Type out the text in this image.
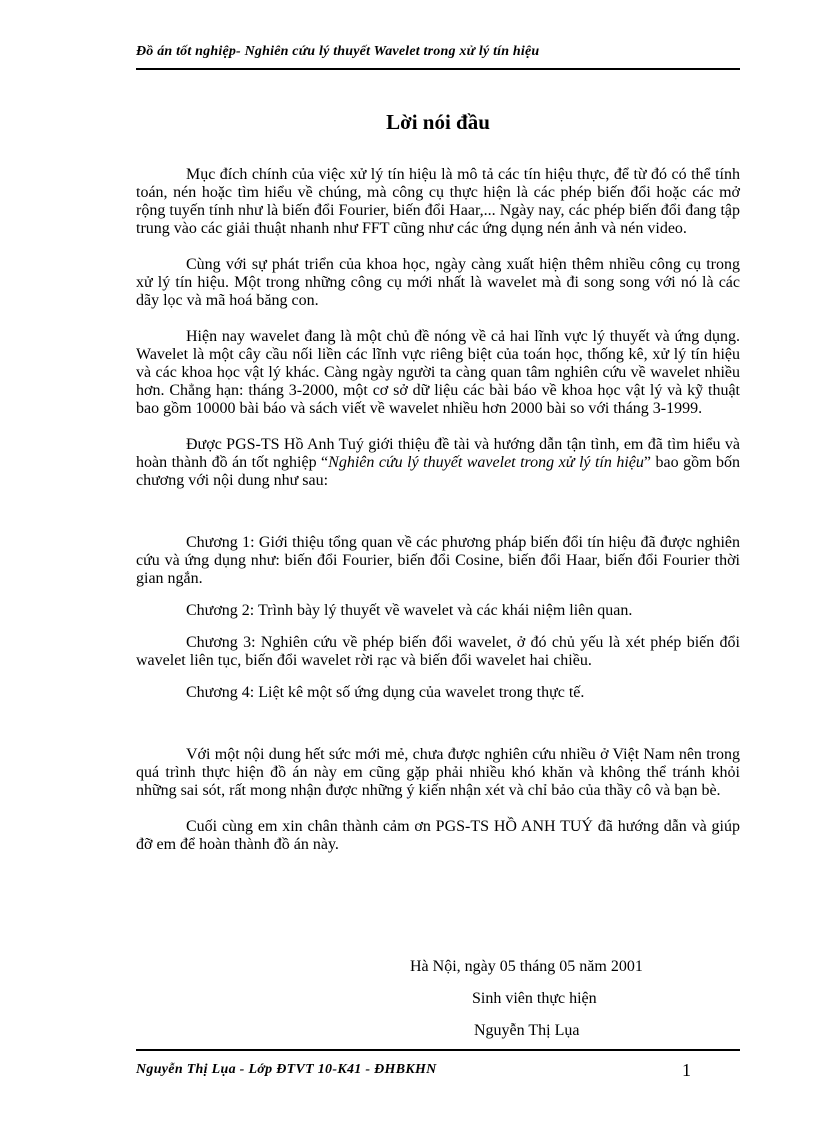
Đồ án tốt nghiệp- Nghiên cứu lý thuyết Wavelet trong xử lý tín hiệu
Lời nói đầu

Mục đích chính của việc xử lý tín hiệu là mô tả các tín hiệu thực, để từ đó có thể tính toán, nén hoặc tìm hiểu về chúng, mà công cụ thực hiện là các phép biến đổi hoặc các mở rộng tuyến tính như là biến đổi Fourier, biến đổi Haar,... Ngày nay, các phép biến đổi đang tập trung vào các giải thuật nhanh như FFT cũng như các ứng dụng nén ảnh và nén video.

Cùng với sự phát triển của khoa học, ngày càng xuất hiện thêm nhiều công cụ trong xử lý tín hiệu. Một trong những công cụ mới nhất là wavelet mà đi song song với nó là các dãy lọc và mã hoá băng con.

Hiện nay wavelet đang là một chủ đề nóng về cả hai lĩnh vực lý thuyết và ứng dụng. Wavelet là một cây cầu nối liền các lĩnh vực riêng biệt của toán học, thống kê, xử lý tín hiệu và các khoa học vật lý khác. Càng ngày người ta càng quan tâm nghiên cứu về wavelet nhiều hơn. Chẳng hạn: tháng 3-2000, một cơ sở dữ liệu các bài báo về khoa học vật lý và kỹ thuật bao gồm 10000 bài báo và sách viết về wavelet nhiều hơn 2000 bài so với tháng 3-1999.

Được PGS-TS Hồ Anh Tuý giới thiệu đề tài và hướng dẫn tận tình, em đã tìm hiểu và hoàn thành đồ án tốt nghiệp “Nghiên cứu lý thuyết wavelet trong xử lý tín hiệu” bao gồm bốn chương với nội dung như sau:

Chương 1: Giới thiệu tổng quan về các phương pháp biến đổi tín hiệu đã được nghiên cứu và ứng dụng như: biến đổi Fourier, biến đổi Cosine, biến đổi Haar, biến đổi Fourier thời gian ngắn.

Chương 2: Trình bày lý thuyết về wavelet và các khái niệm liên quan.

Chương 3: Nghiên cứu về phép biến đổi wavelet, ở đó chủ yếu là xét phép biến đổi wavelet liên tục, biến đổi wavelet rời rạc và biến đổi wavelet hai chiều.

Chương 4: Liệt kê một số ứng dụng của wavelet trong thực tế.

Với một nội dung hết sức mới mẻ, chưa được nghiên cứu nhiều ở Việt Nam nên trong quá trình thực hiện đồ án này em cũng gặp phải nhiều khó khăn và không thể tránh khỏi những sai sót, rất mong nhận được những ý kiến nhận xét và chỉ bảo của thầy cô và bạn bè.

Cuối cùng em xin chân thành cảm ơn PGS-TS HỒ ANH TUÝ đã hướng dẫn và giúp đỡ em để hoàn thành đồ án này.

Hà Nội, ngày 05 tháng 05 năm 2001
Sinh viên thực hiện
Nguyễn Thị Lụa
Nguyễn Thị Lụa - Lớp ĐTVT 10-K41 - ĐHBKHN	1
